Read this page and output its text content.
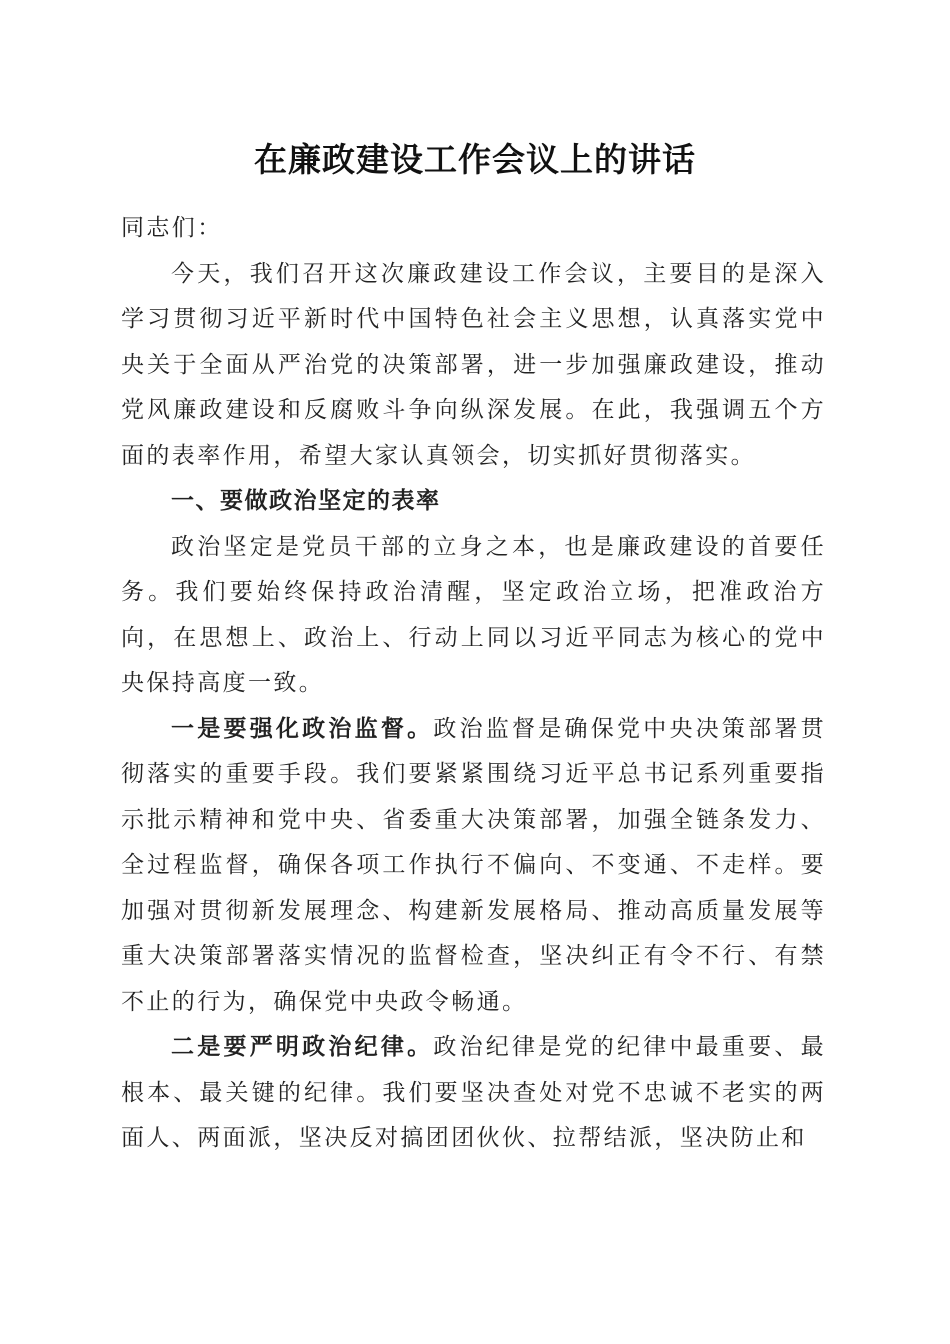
在廉政建设工作会议上的讲话

同志们：

今天，我们召开这次廉政建设工作会议，主要目的是深入学习贯彻习近平新时代中国特色社会主义思想，认真落实党中央关于全面从严治党的决策部署，进一步加强廉政建设，推动党风廉政建设和反腐败斗争向纵深发展。在此，我强调五个方面的表率作用，希望大家认真领会，切实抓好贯彻落实。

一、要做政治坚定的表率

政治坚定是党员干部的立身之本，也是廉政建设的首要任务。我们要始终保持政治清醒，坚定政治立场，把准政治方向，在思想上、政治上、行动上同以习近平同志为核心的党中央保持高度一致。

一是要强化政治监督。政治监督是确保党中央决策部署贯彻落实的重要手段。我们要紧紧围绕习近平总书记系列重要指示批示精神和党中央、省委重大决策部署，加强全链条发力、全过程监督，确保各项工作执行不偏向、不变通、不走样。要加强对贯彻新发展理念、构建新发展格局、推动高质量发展等重大决策部署落实情况的监督检查，坚决纠正有令不行、有禁不止的行为，确保党中央政令畅通。

二是要严明政治纪律。政治纪律是党的纪律中最重要、最根本、最关键的纪律。我们要坚决查处对党不忠诚不老实的两面人、两面派，坚决反对搞团团伙伙、拉帮结派，坚决防止和
